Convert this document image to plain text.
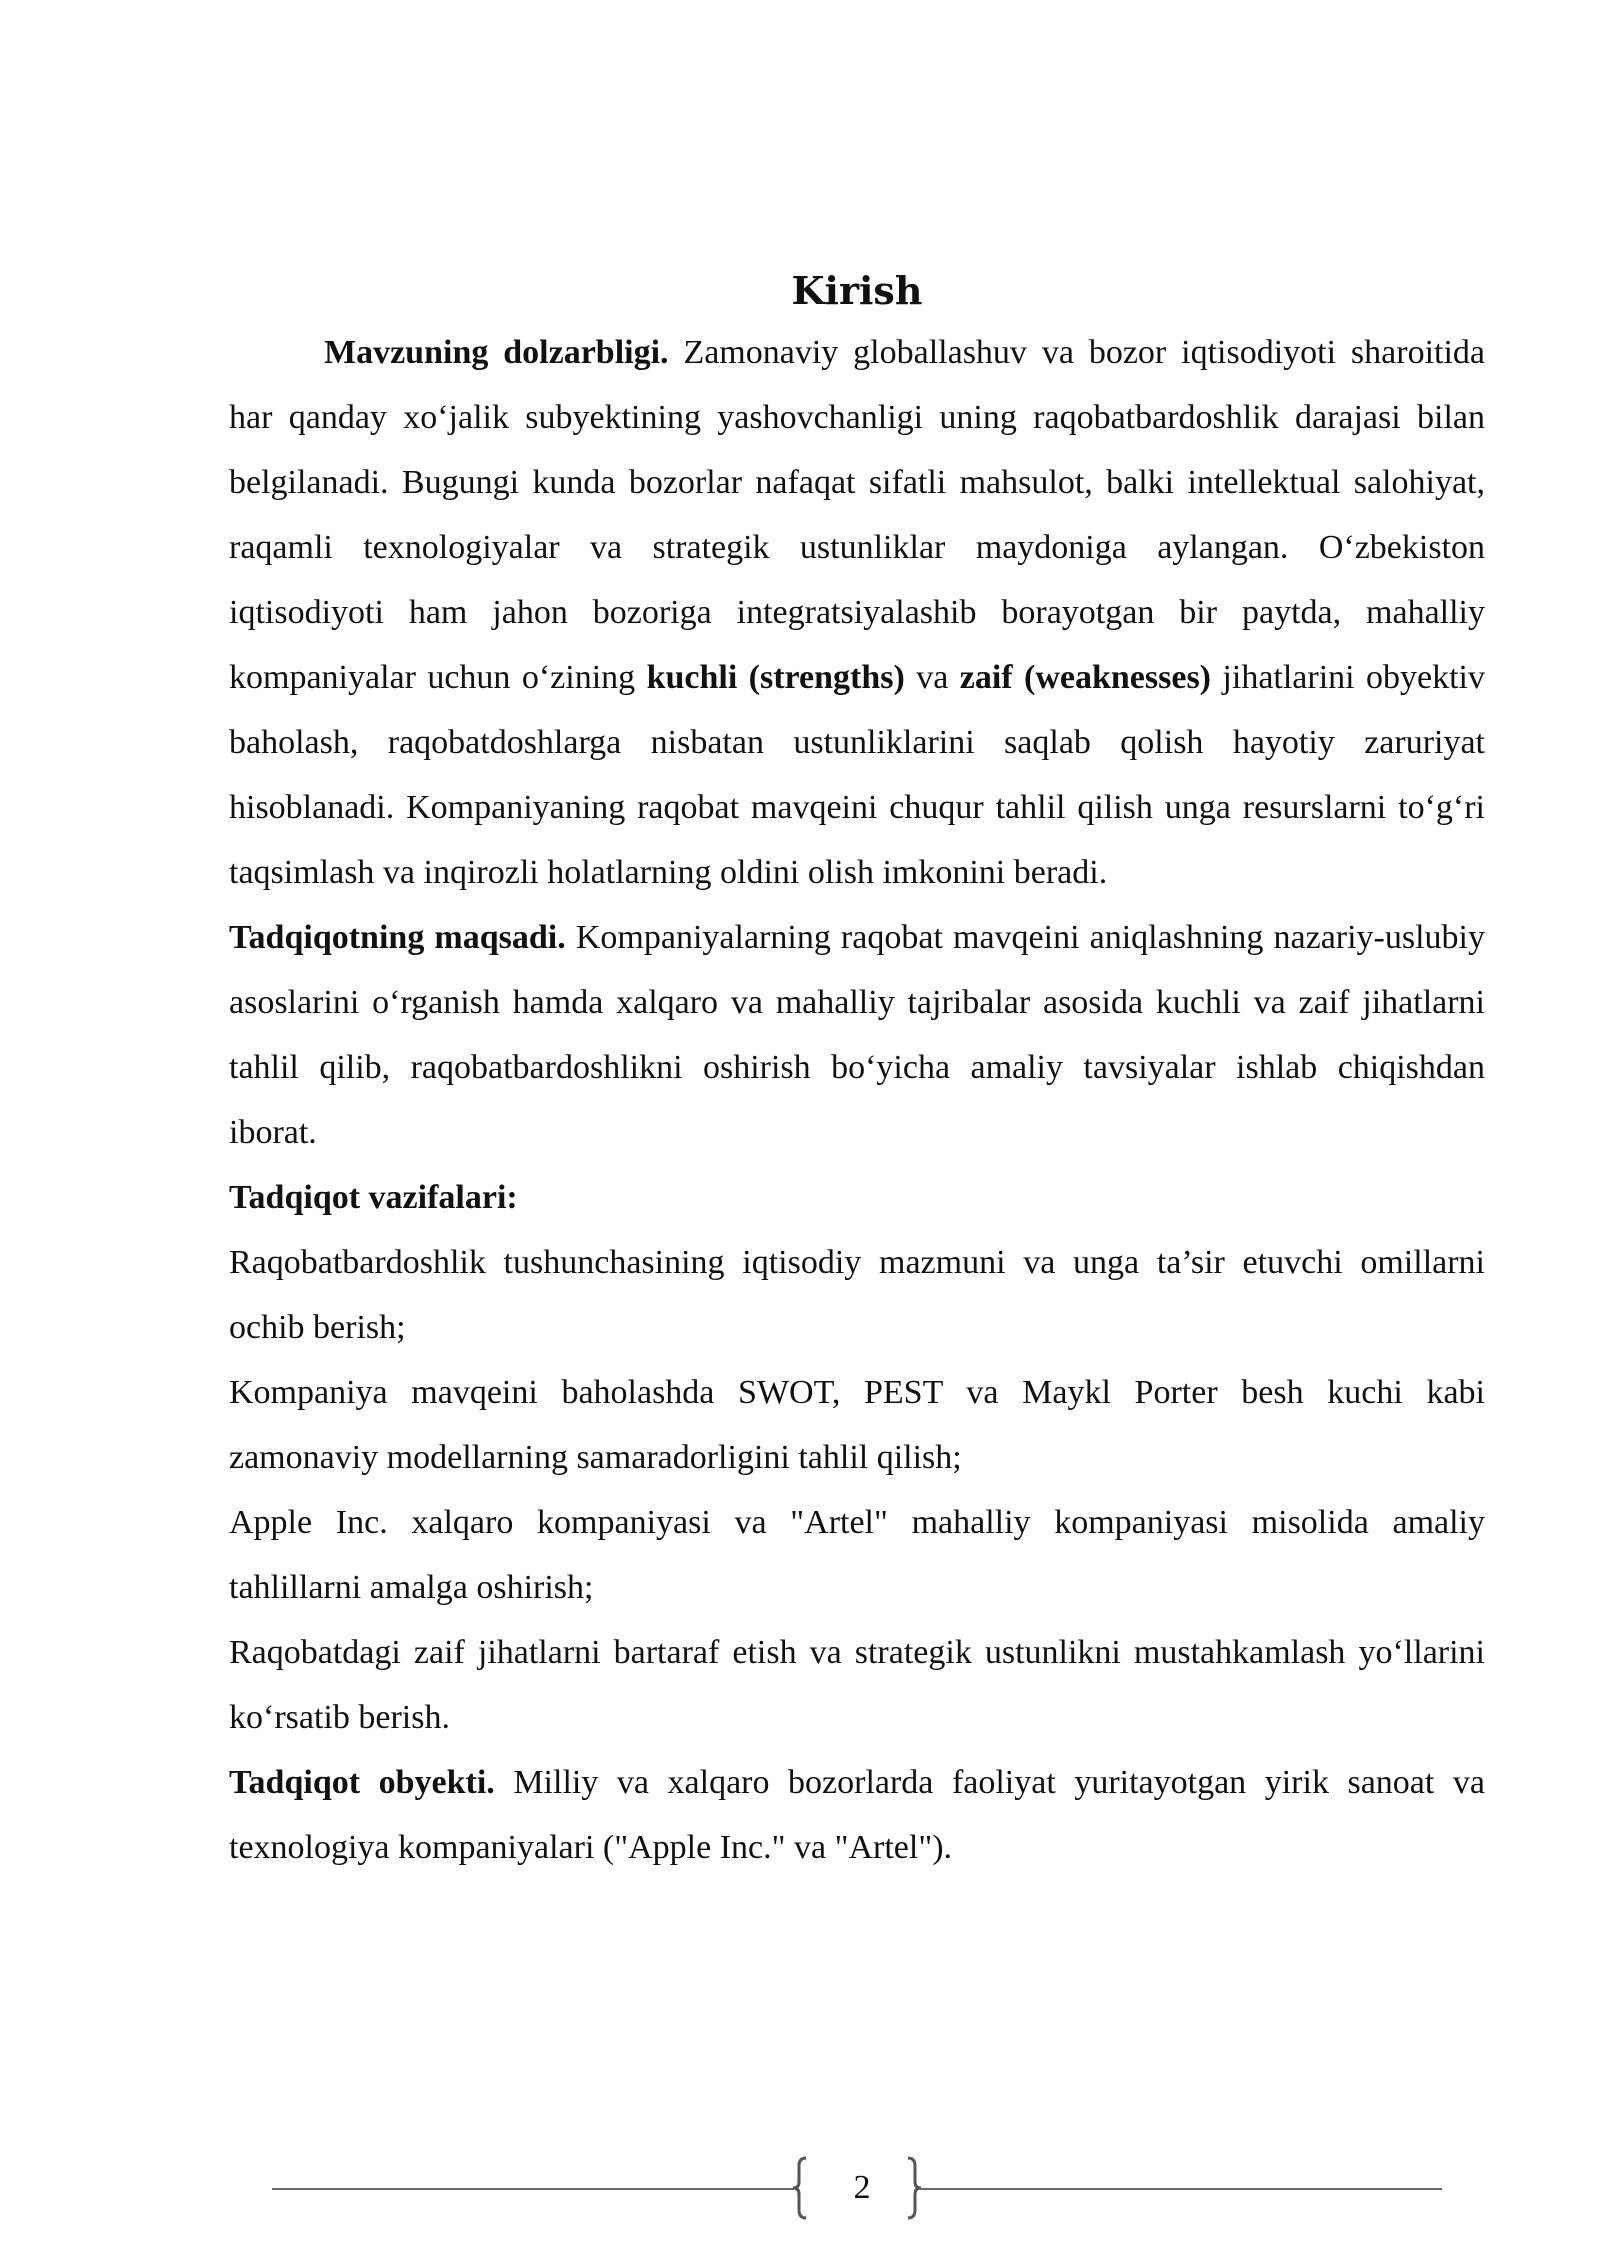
Kirish

Mavzuning dolzarbligi. Zamonaviy globallashuv va bozor iqtisodiyoti sharoitida har qanday xo‘jalik subyektining yashovchanligi uning raqobatbardoshlik darajasi bilan belgilanadi. Bugungi kunda bozorlar nafaqat sifatli mahsulot, balki intellektual salohiyat, raqamli texnologiyalar va strategik ustunliklar maydoniga aylangan. O‘zbekiston iqtisodiyoti ham jahon bozoriga integratsiyalashib borayotgan bir paytda, mahalliy kompaniyalar uchun o‘zining kuchli (strengths) va zaif (weaknesses) jihatlarini obyektiv baholash, raqobatdoshlarga nisbatan ustunliklarini saqlab qolish hayotiy zaruriyat hisoblanadi. Kompaniyaning raqobat mavqeini chuqur tahlil qilish unga resurslarni to‘g‘ri taqsimlash va inqirozli holatlarning oldini olish imkonini beradi.

Tadqiqotning maqsadi. Kompaniyalarning raqobat mavqeini aniqlashning nazariy-uslubiy asoslarini o‘rganish hamda xalqaro va mahalliy tajribalar asosida kuchli va zaif jihatlarni tahlil qilib, raqobatbardoshlikni oshirish bo‘yicha amaliy tavsiyalar ishlab chiqishdan iborat.

Tadqiqot vazifalari:

Raqobatbardoshlik tushunchasining iqtisodiy mazmuni va unga ta’sir etuvchi omillarni ochib berish;

Kompaniya mavqeini baholashda SWOT, PEST va Maykl Porter besh kuchi kabi zamonaviy modellarning samaradorligini tahlil qilish;

Apple Inc. xalqaro kompaniyasi va "Artel" mahalliy kompaniyasi misolida amaliy tahlillarni amalga oshirish;

Raqobatdagi zaif jihatlarni bartaraf etish va strategik ustunlikni mustahkamlash yo‘llarini ko‘rsatib berish.

Tadqiqot obyekti. Milliy va xalqaro bozorlarda faoliyat yuritayotgan yirik sanoat va texnologiya kompaniyalari ("Apple Inc." va "Artel").

2
